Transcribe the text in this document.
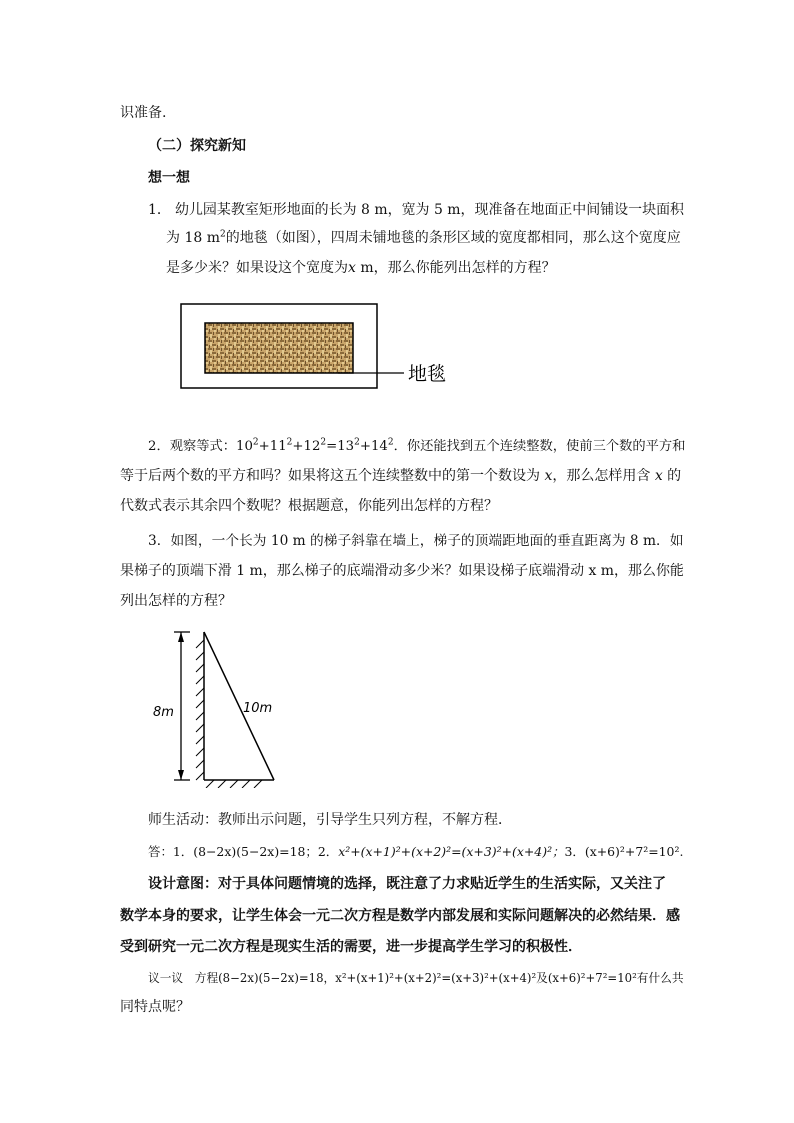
识准备.
（二）探究新知
想一想
1． 幼儿园某教室矩形地面的长为 8 m，宽为 5 m，现准备在地面正中间铺设一块面积
为 18 $m^2$的地毯（如图），四周未铺地毯的条形区域的宽度都相同，那么这个宽度应
是多少米？如果设这个宽度为x m，那么你能列出怎样的方程？
地毯
2．观察等式：$10^2+11^2+12^2=13^2+14^2$．你还能找到五个连续整数，使前三个数的平方和
等于后两个数的平方和吗？如果将这五个连续整数中的第一个数设为 x，那么怎样用含 x 的
代数式表示其余四个数呢？根据题意，你能列出怎样的方程？
3．如图，一个长为 10 m 的梯子斜靠在墙上，梯子的顶端距地面的垂直距离为 8 m．如
果梯子的顶端下滑 1 m，那么梯子的底端滑动多少米？如果设梯子底端滑动 x m，那么你能
列出怎样的方程？
8m	10m
师生活动：教师出示问题，引导学生只列方程，不解方程．
答：1．(8−2x)(5−2x)=18；2．x²+(x+1)²+(x+2)²=(x+3)²+(x+4)²；3．(x+6)²+7²=10².
设计意图：对于具体问题情境的选择，既注意了力求贴近学生的生活实际，又关注了
数学本身的要求，让学生体会一元二次方程是数学内部发展和实际问题解决的必然结果．感
受到研究一元二次方程是现实生活的需要，进一步提高学生学习的积极性．
议一议　方程(8−2x)(5−2x)=18，x²+(x+1)²+(x+2)²=(x+3)²+(x+4)²及(x+6)²+7²=10²有什么共
同特点呢？
